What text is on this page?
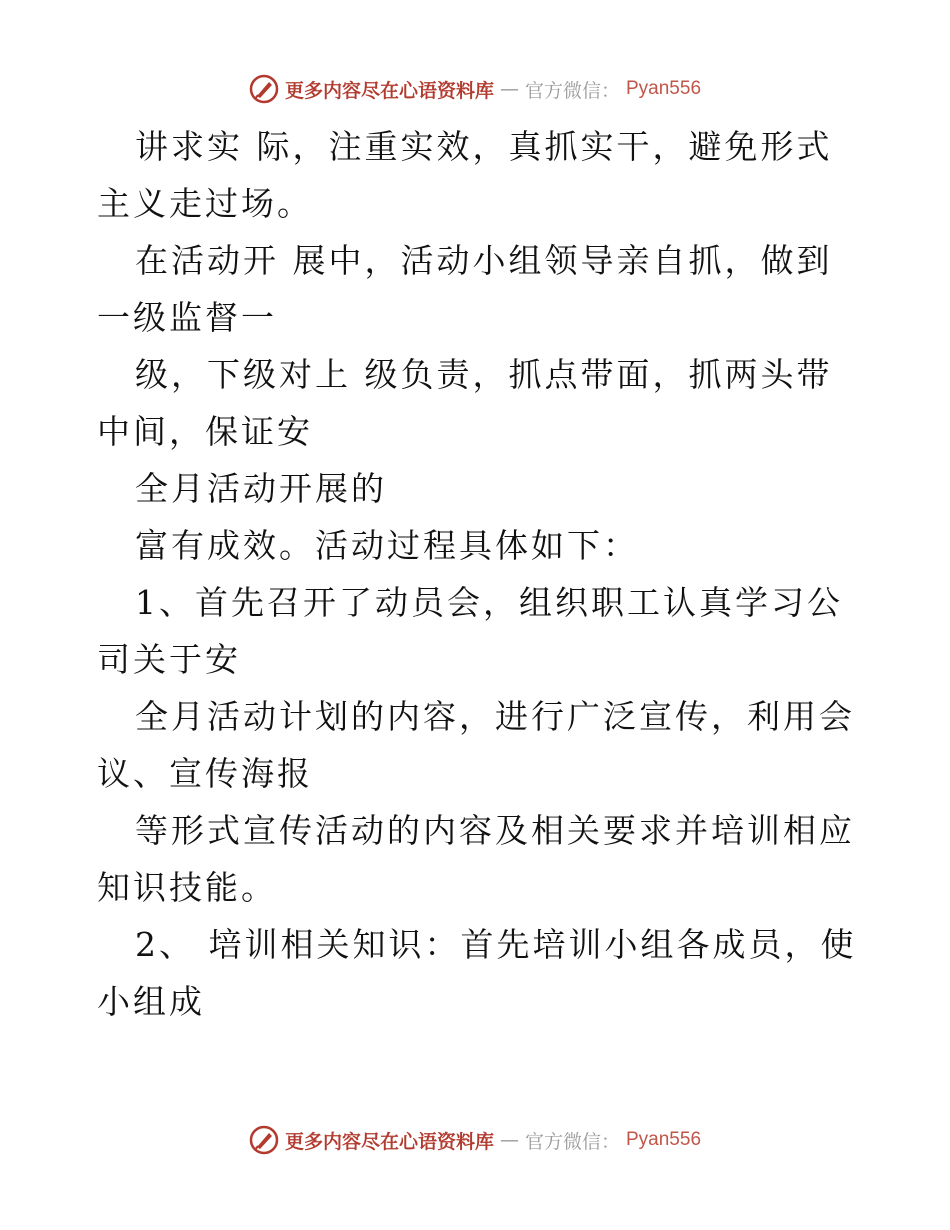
更多内容尽在心语资料库 — 官方微信： Pyan556

讲求实 际，注重实效，真抓实干，避免形式主义走过场。

在活动开 展中，活动小组领导亲自抓，做到一级监督一

级，下级对上 级负责，抓点带面，抓两头带中间，保证安

全月活动开展的

富有成效。活动过程具体如下：

1、首先召开了动员会，组织职工认真学习公司关于安

全月活动计划的内容，进行广泛宣传，利用会议、宣传海报

等形式宣传活动的内容及相关要求并培训相应知识技能。

2、 培训相关知识：首先培训小组各成员，使小组成

更多内容尽在心语资料库 — 官方微信： Pyan556
